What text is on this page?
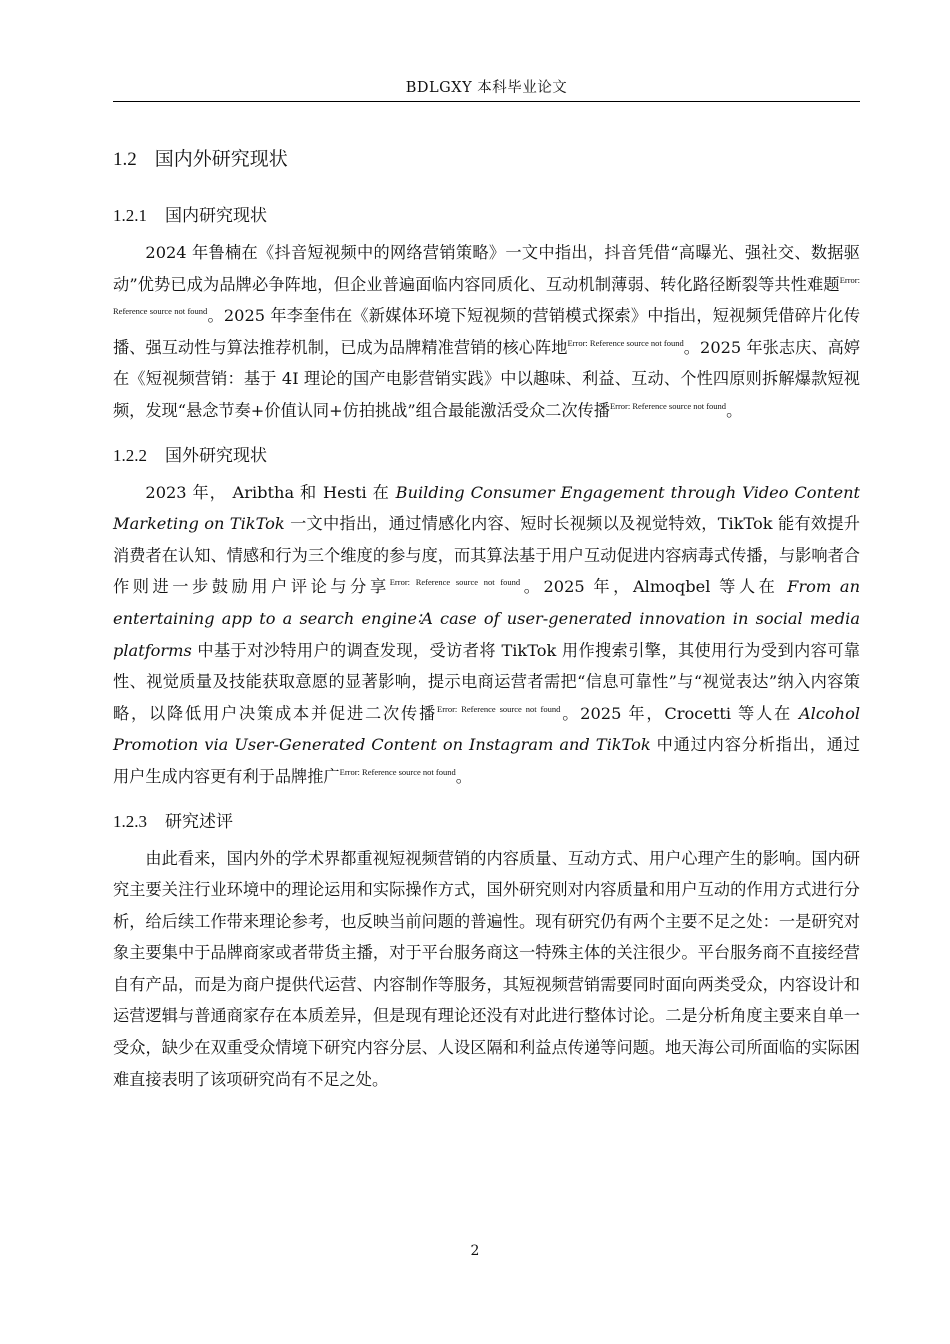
BDLGXY 本科毕业论文
1.2 国内外研究现状
1.2.1 国内研究现状

2024 年鲁楠在《抖音短视频中的网络营销策略》一文中指出，抖音凭借“高曝光、强社交、数据驱动”优势已成为品牌必争阵地，但企业普遍面临内容同质化、互动机制薄弱、转化路径断裂等共性难题$^{Error: Reference source not found}$。2025 年李奎伟在《新媒体环境下短视频的营销模式探索》中指出，短视频凭借碎片化传播、强互动性与算法推荐机制，已成为品牌精准营销的核心阵地$^{Error: Reference source not found}$。2025 年张志庆、高婷在《短视频营销：基于 4I 理论的国产电影营销实践》中以趣味、利益、互动、个性四原则拆解爆款短视频，发现“悬念节奏+价值认同+仿拍挑战”组合最能激活受众二次传播$^{Error: Reference source not found}$。

1.2.2 国外研究现状

2023 年， Aribtha 和 Hesti 在 Building Consumer Engagement through Video Content Marketing on TikTok 一文中指出，通过情感化内容、短时长视频以及视觉特效，TikTok 能有效提升消费者在认知、情感和行为三个维度的参与度，而其算法基于用户互动促进内容病毒式传播，与影响者合作则进一步鼓励用户评论与分享$^{Error: Reference source not found}$。2025 年，Almoqbel 等人在 From an entertaining app to a search engine∶A case of user-generated innovation in social media platforms 中基于对沙特用户的调查发现，受访者将 TikTok 用作搜索引擎，其使用行为受到内容可靠性、视觉质量及技能获取意愿的显著影响，提示电商运营者需把“信息可靠性”与“视觉表达”纳入内容策略，以降低用户决策成本并促进二次传播$^{Error: Reference source not found}$。2025 年，Crocetti 等人在 Alcohol Promotion via User-Generated Content on Instagram and TikTok 中通过内容分析指出，通过用户生成内容更有利于品牌推广$^{Error: Reference source not found}$。

1.2.3 研究述评

由此看来，国内外的学术界都重视短视频营销的内容质量、互动方式、用户心理产生的影响。国内研究主要关注行业环境中的理论运用和实际操作方式，国外研究则对内容质量和用户互动的作用方式进行分析，给后续工作带来理论参考，也反映当前问题的普遍性。现有研究仍有两个主要不足之处：一是研究对象主要集中于品牌商家或者带货主播，对于平台服务商这一特殊主体的关注很少。平台服务商不直接经营自有产品，而是为商户提供代运营、内容制作等服务，其短视频营销需要同时面向两类受众，内容设计和运营逻辑与普通商家存在本质差异，但是现有理论还没有对此进行整体讨论。二是分析角度主要来自单一受众，缺少在双重受众情境下研究内容分层、人设区隔和利益点传递等问题。地天海公司所面临的实际困难直接表明了该项研究尚有不足之处。

2
